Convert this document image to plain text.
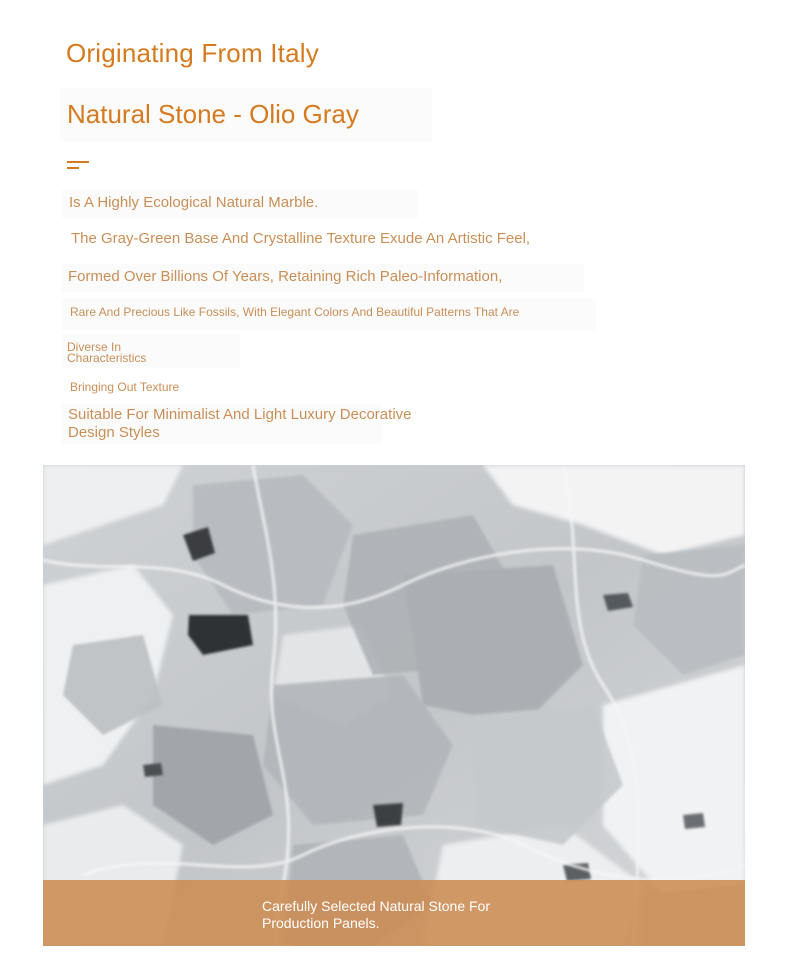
Originating From Italy
Natural Stone - Olio Gray
Is A Highly Ecological Natural Marble.
The Gray-Green Base And Crystalline Texture Exude An Artistic Feel,
Formed Over Billions Of Years, Retaining Rich Paleo-Information,
Rare And Precious Like Fossils, With Elegant Colors And Beautiful Patterns That Are
Diverse In
Characteristics
Bringing Out Texture
Suitable For Minimalist And Light Luxury Decorative Design Styles
Carefully Selected Natural Stone For Production Panels.
